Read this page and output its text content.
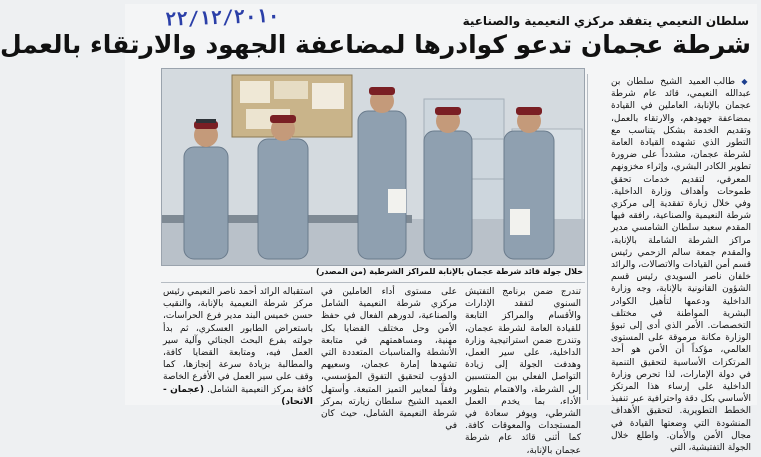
٢٢/١٢/٢٠١٠	سلطان النعيمي يتفقد مركزي النعيمية والصناعية
شرطة عجمان تدعو كوادرها لمضاعفة الجهود والارتقاء بالعمل
خلال جولة قائد شرطة عجمان بالإنابة للمراكز الشرطية (من المصدر)
◆ طالب العميد الشيخ سلطان بن عبدالله النعيمي، قائد عام شرطة عجمان بالإنابة، العاملين في القيادة بمضاعفة جهودهم، والارتقاء بالعمل، وتقديم الخدمة بشكل يتناسب مع التطور الذي تشهده القيادة العامة لشرطة عجمان، مشدداً على ضرورة تطوير الكادر البشري، وإثراء مخزونهم المعرفي، لتقديم خدمات تحقق طموحات وأهداف وزارة الداخلية. وفي خلال زيارة تفقدية إلى مركزي شرطة النعيمية والصناعية، رافقه فيها المقدم سعيد سلطان الشامسي مدير مراكز الشرطة الشاملة بالإنابة، والمقدم جمعة سالم الزحمي رئيس قسم أمن القيادات والاتصالات، والرائد خلفان ناصر السويدي رئيس قسم الشؤون القانونية بالإنابة، وجه وزارة الداخلية ودعمها لتأهيل الكوادر البشرية المواطنة في مختلف التخصصات. الأمر الذي أدى إلى تبوؤ الوزارة مكانة مرموقة على المستوى العالمي، مؤكداً أن الأمن هو أحد المرتكزات الأساسية لتحقيق التنمية في دولة الإمارات، لذا تحرص وزارة الداخلية على إرساء هذا المرتكز الأساسي بكل دقة واحترافية عبر تنفيذ الخطط التطويرية. لتحقيق الأهداف المنشودة التي وضعتها القيادة في مجال الأمن والأمان. واطلع خلال الجولة التفتيشية، التي
تندرج ضمن برنامج التفتيش السنوي لتفقد الإدارات والأقسام والمراكز التابعة للقيادة العامة لشرطة عجمان، وتندرج ضمن استراتيجية وزارة الداخلية، على سير العمل، وهدفت الجولة إلى زيادة التواصل الفعلي بين المنتسبين إلى الشرطة، والاهتمام بتطوير الأداء، بما يخدم العمل الشرطي، ويوفر سعادة في المستجدات والمعوقات كافة. كما أثنى قائد عام شرطة عجمان بالإنابة،
على مستوى أداء العاملين في مركزي شرطة النعيمية الشامل والصناعية، لدورهم الفعال في حفظ الأمن وحل مختلف القضايا بكل مهنية، ومساهمتهم في متابعة الأنشطة والمناسبات المتعددة التي تشهدها إمارة عجمان، وسعيهم الدؤوب لتحقيق التفوق المؤسسي، وفقاً لمعايير التميز المتبعة. وأستهل العميد الشيخ سلطان زيارته بمركز شرطة النعيمية الشامل، حيث كان في
استقباله الرائد أحمد ناصر النعيمي رئيس مركز شرطة النعيمية بالإنابة، والنقيب حسن خميس البند مدير فرع الحراسات، باستعراض الطابور العسكري، ثم بدأ جولته بفرع البحث الجنائي وآلية سير العمل فيه، ومتابعة القضايا كافة، والمطالبة بزيادة سرعة إنجازها، كما وقف على سير العمل في الأفرع الخاصة كافة بمركز النعيمية الشامل. (عجمان - الاتحاد)
